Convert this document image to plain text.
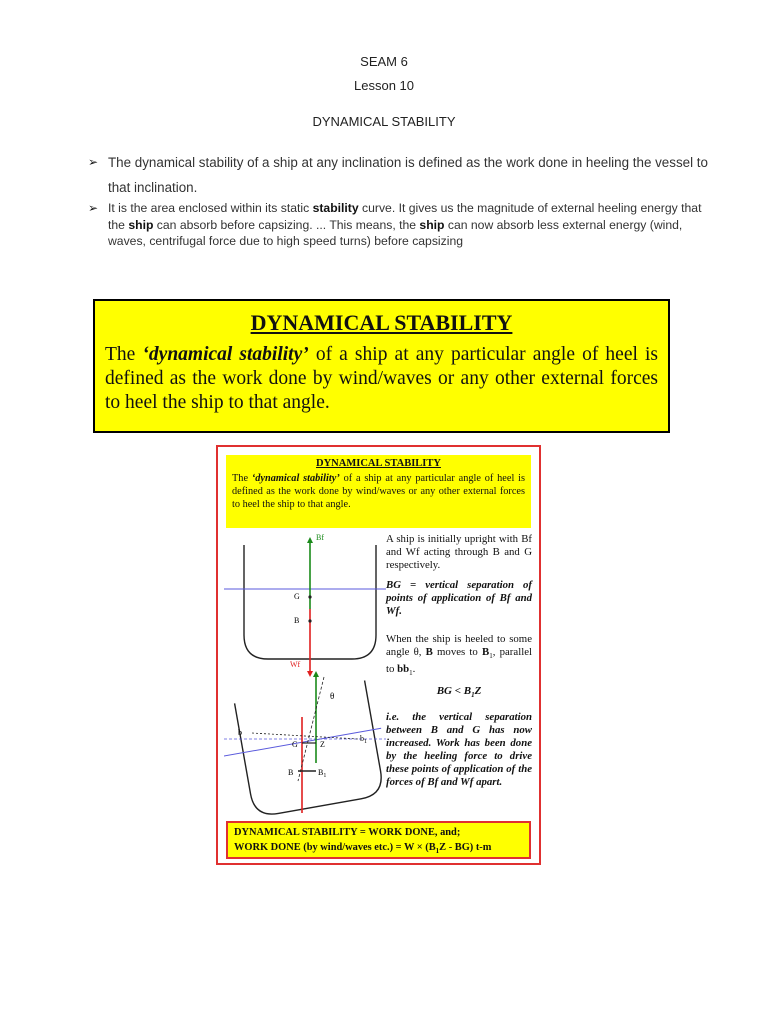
SEAM 6
Lesson 10
DYNAMICAL STABILITY
➢ The dynamical stability of a ship at any inclination is defined as the work done in heeling the vessel to that inclination.
➢ It is the area enclosed within its static stability curve. It gives us the magnitude of external heeling energy that the ship can absorb before capsizing. ... This means, the ship can now absorb less external energy (wind, waves, centrifugal force due to high speed turns) before capsizing
DYNAMICAL STABILITY
The ‘dynamical stability’ of a ship at any particular angle of heel is defined as the work done by wind/waves or any other external forces to heel the ship to that angle.
DYNAMICAL STABILITY
The ‘dynamical stability’ of a ship at any particular angle of heel is defined as the work done by wind/waves or any other external forces to heel the ship to that angle.
Bf
G
B
Wf
θ
b
$b_1$
G	Z
B	$B_1$
A ship is initially upright with Bf and Wf acting through B and G respectively.
BG = vertical separation of points of application of Bf and Wf.
When the ship is heeled to some angle θ, B moves to $B_1$, parallel to $bb_1$.
BG < $B_1Z$
i.e. the vertical separation between B and G has now increased. Work has been done by the heeling force to drive these points of application of the forces of Bf and Wf apart.
DYNAMICAL STABILITY = WORK DONE, and;
WORK DONE (by wind/waves $etc.) = W \times (B_1Z - BG)$ t-m
